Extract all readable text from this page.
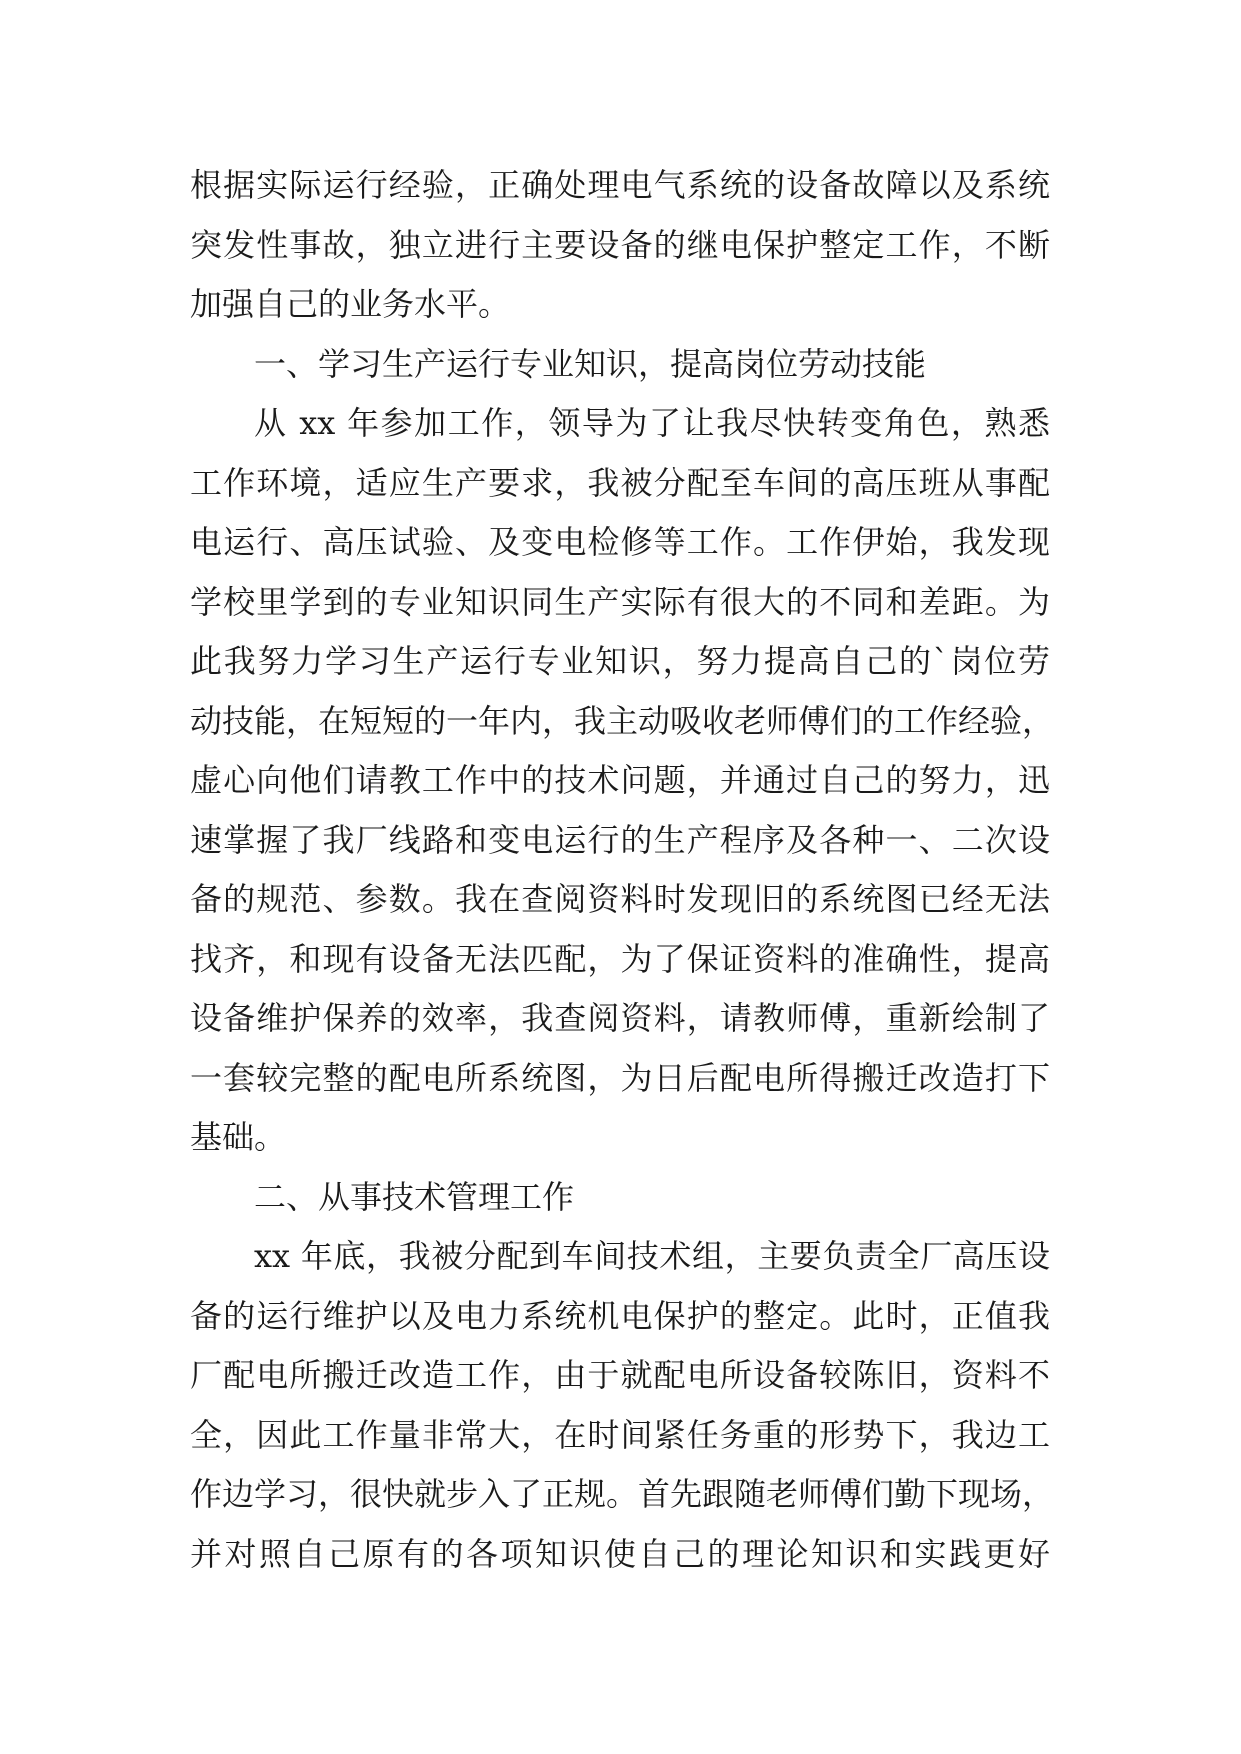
根据实际运行经验，正确处理电气系统的设备故障以及系统
突发性事故，独立进行主要设备的继电保护整定工作，不断
加强自己的业务水平。
一、学习生产运行专业知识，提高岗位劳动技能
从 xx 年参加工作，领导为了让我尽快转变角色，熟悉
工作环境，适应生产要求，我被分配至车间的高压班从事配
电运行、高压试验、及变电检修等工作。工作伊始，我发现
学校里学到的专业知识同生产实际有很大的不同和差距。为
此我努力学习生产运行专业知识，努力提高自己的`岗位劳
动技能，在短短的一年内，我主动吸收老师傅们的工作经验，
虚心向他们请教工作中的技术问题，并通过自己的努力，迅
速掌握了我厂线路和变电运行的生产程序及各种一、二次设
备的规范、参数。我在查阅资料时发现旧的系统图已经无法
找齐，和现有设备无法匹配，为了保证资料的准确性，提高
设备维护保养的效率，我查阅资料，请教师傅，重新绘制了
一套较完整的配电所系统图，为日后配电所得搬迁改造打下
基础。
二、从事技术管理工作
xx 年底，我被分配到车间技术组，主要负责全厂高压设
备的运行维护以及电力系统机电保护的整定。此时，正值我
厂配电所搬迁改造工作，由于就配电所设备较陈旧，资料不
全，因此工作量非常大，在时间紧任务重的形势下，我边工
作边学习，很快就步入了正规。首先跟随老师傅们勤下现场，
并对照自己原有的各项知识使自己的理论知识和实践更好
